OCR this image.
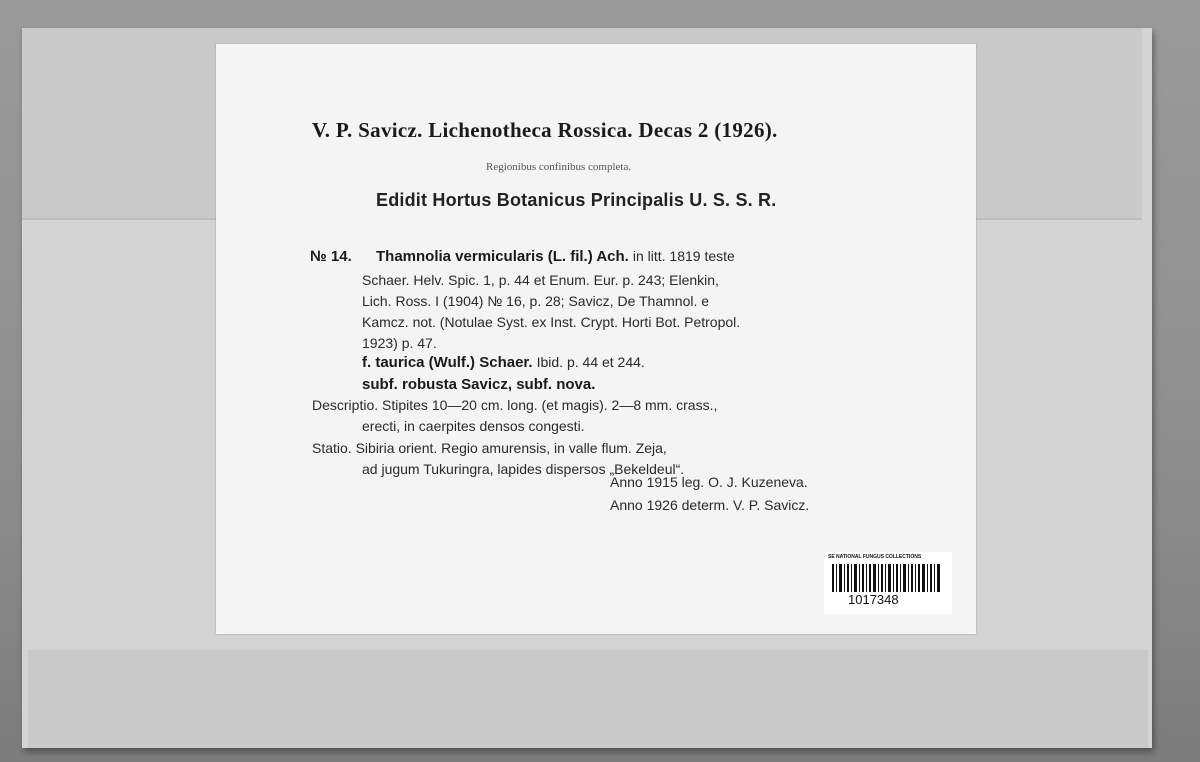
V. P. Savicz. Lichenotheca Rossica. Decas 2 (1926).
Regionibus confinibus completa.
Edidit Hortus Botanicus Principalis U. S. S. R.
№ 14. Thamnolia vermicularis (L. fil.) Ach. in litt. 1819 teste
Schaer. Helv. Spic. 1, p. 44 et Enum. Eur. p. 243; Elenkin,
Lich. Ross. I (1904) № 16, p. 28; Savicz, De Thamnol. e
Kamcz. not. (Notulae Syst. ex Inst. Crypt. Horti Bot. Petropol.
1923) p. 47.
f. taurica (Wulf.) Schaer. Ibid. p. 44 et 244.
subf. robusta Savicz, subf. nova.
Descriptio. Stipites 10—20 cm. long. (et magis). 2—8 mm. crass.,
erecti, in caerpites densos congesti.
Statio. Sibiria orient. Regio amurensis, in valle flum. Zeja,
ad jugum Tukuringra, lapides dispersos „Bekeldeul“.
Anno 1915 leg. O. J. Kuzeneva.
Anno 1926 determ. V. P. Savicz.
SE NATIONAL FUNGUS COLLECTIONS
1017348
